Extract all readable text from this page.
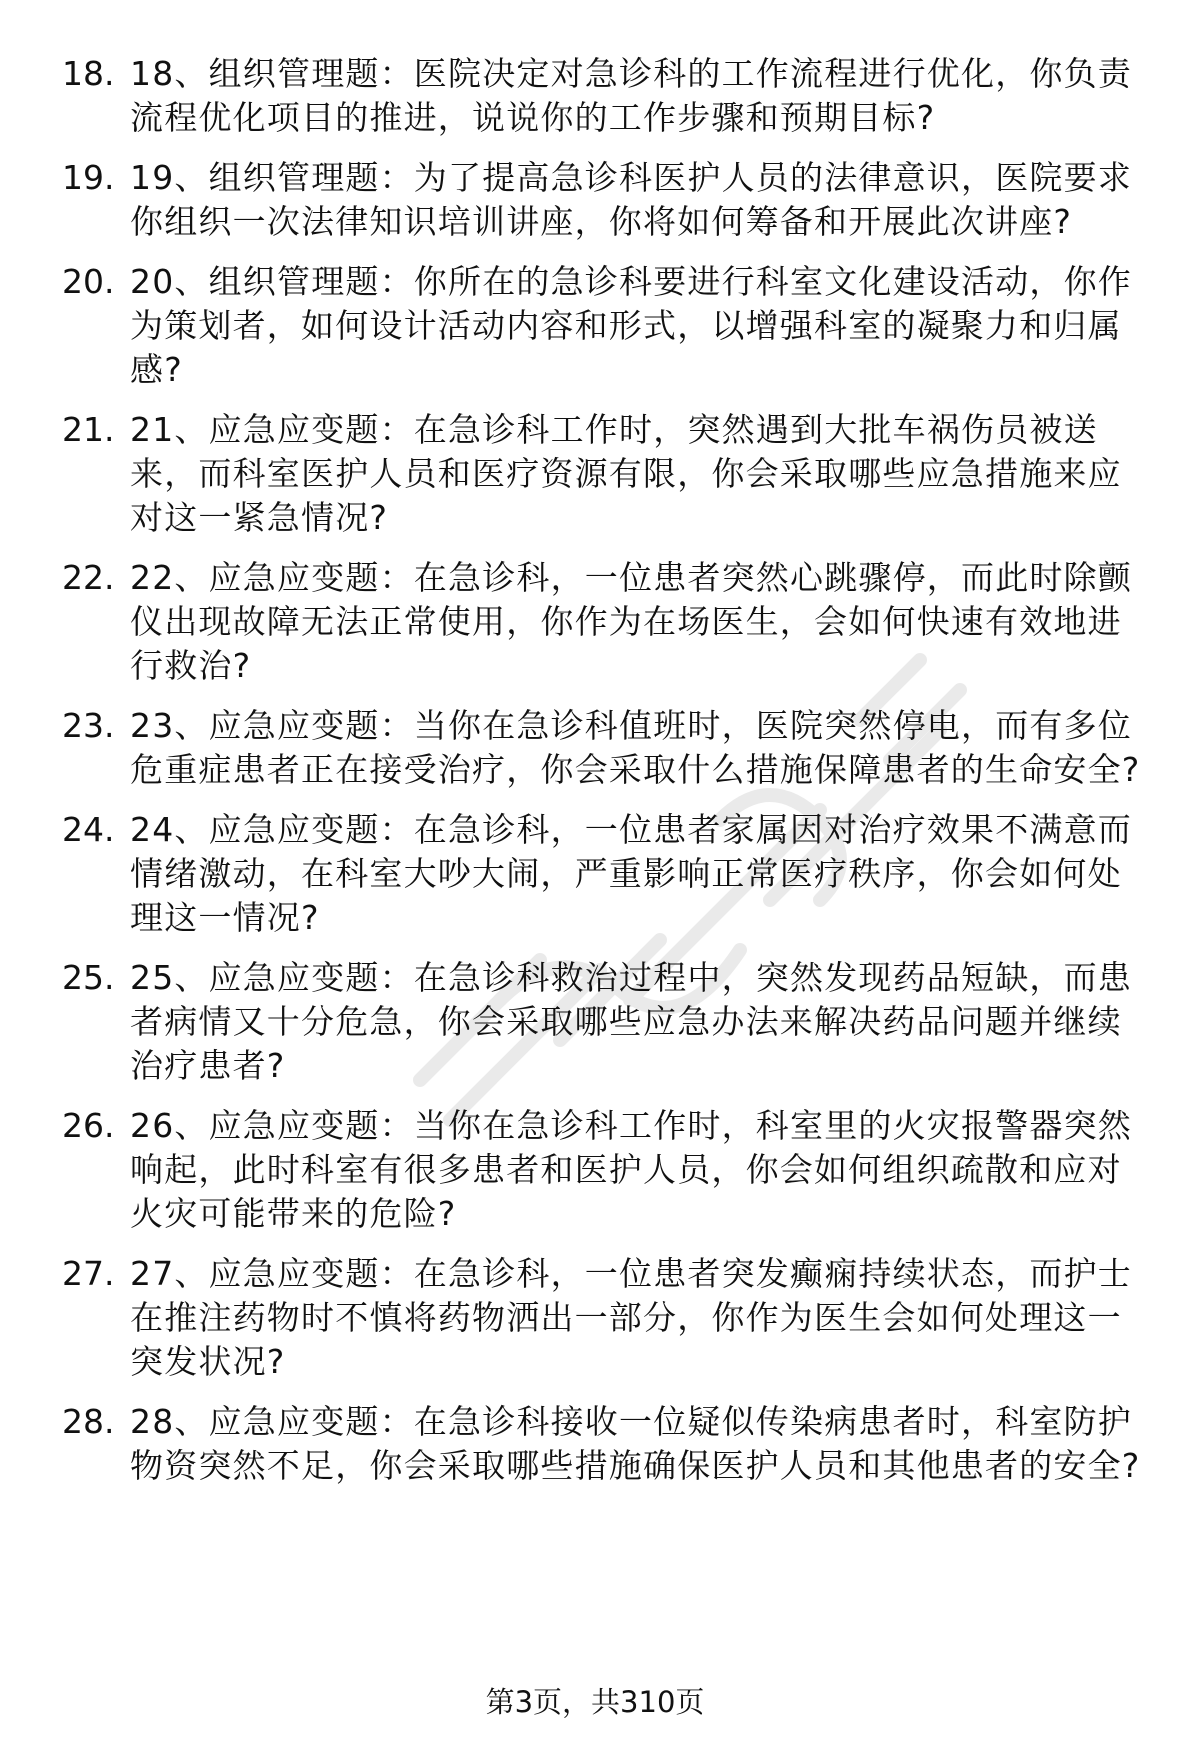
18. 18、组织管理题：医院决定对急诊科的工作流程进行优化，你负责流程优化项目的推进，说说你的工作步骤和预期目标?
19. 19、组织管理题：为了提高急诊科医护人员的法律意识，医院要求你组织一次法律知识培训讲座，你将如何筹备和开展此次讲座?
20. 20、组织管理题：你所在的急诊科要进行科室文化建设活动，你作为策划者，如何设计活动内容和形式，以增强科室的凝聚力和归属感?
21. 21、应急应变题：在急诊科工作时，突然遇到大批车祸伤员被送来，而科室医护人员和医疗资源有限，你会采取哪些应急措施来应对这一紧急情况?
22. 22、应急应变题：在急诊科，一位患者突然心跳骤停，而此时除颤仪出现故障无法正常使用，你作为在场医生，会如何快速有效地进行救治?
23. 23、应急应变题：当你在急诊科值班时，医院突然停电，而有多位危重症患者正在接受治疗，你会采取什么措施保障患者的生命安全?
24. 24、应急应变题：在急诊科，一位患者家属因对治疗效果不满意而情绪激动，在科室大吵大闹，严重影响正常医疗秩序，你会如何处理这一情况?
25. 25、应急应变题：在急诊科救治过程中，突然发现药品短缺，而患者病情又十分危急，你会采取哪些应急办法来解决药品问题并继续治疗患者?
26. 26、应急应变题：当你在急诊科工作时，科室里的火灾报警器突然响起，此时科室有很多患者和医护人员，你会如何组织疏散和应对火灾可能带来的危险?
27. 27、应急应变题：在急诊科，一位患者突发癫痫持续状态，而护士在推注药物时不慎将药物洒出一部分，你作为医生会如何处理这一突发状况?
28. 28、应急应变题：在急诊科接收一位疑似传染病患者时，科室防护物资突然不足，你会采取哪些措施确保医护人员和其他患者的安全?
第3页，共310页
